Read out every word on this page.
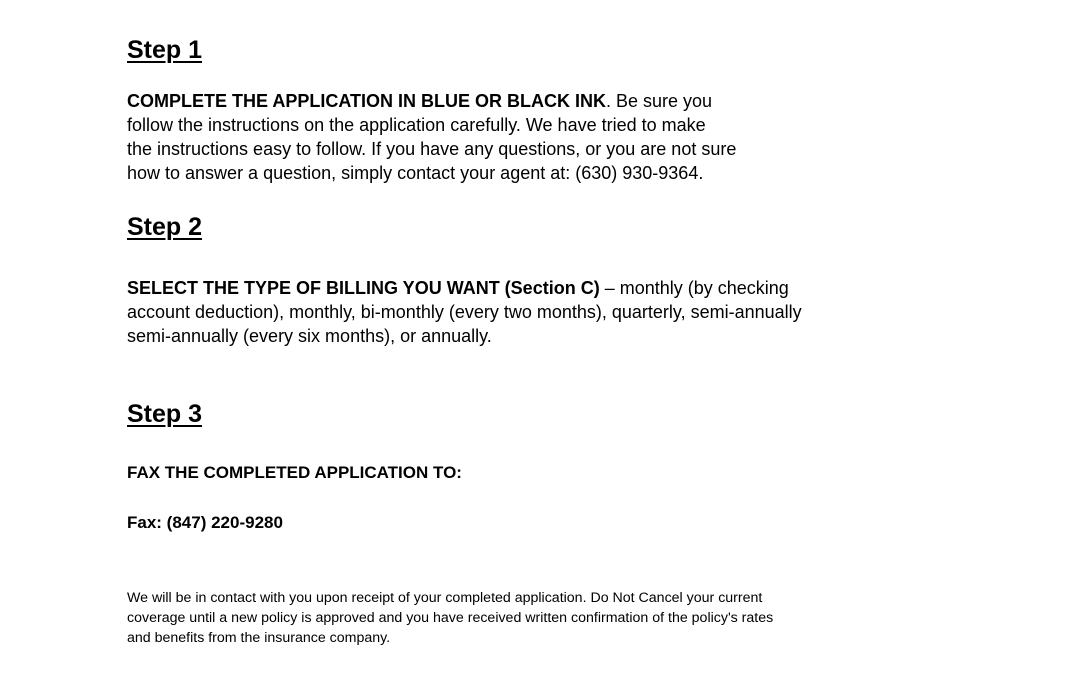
Step 1

COMPLETE THE APPLICATION IN BLUE OR BLACK INK. Be sure you
follow the instructions on the application carefully. We have tried to make
the instructions easy to follow. If you have any questions, or you are not sure
how to answer a question, simply contact your agent at: (630) 930-9364.

Step 2

SELECT THE TYPE OF BILLING YOU WANT (Section C) – monthly (by checking
account deduction), monthly, bi-monthly (every two months), quarterly, semi-annually
semi-annually (every six months), or annually.

Step 3

FAX THE COMPLETED APPLICATION TO:

Fax: (847) 220-9280

We will be in contact with you upon receipt of your completed application. Do Not Cancel your current
coverage until a new policy is approved and you have received written confirmation of the policy's rates
and benefits from the insurance company.
